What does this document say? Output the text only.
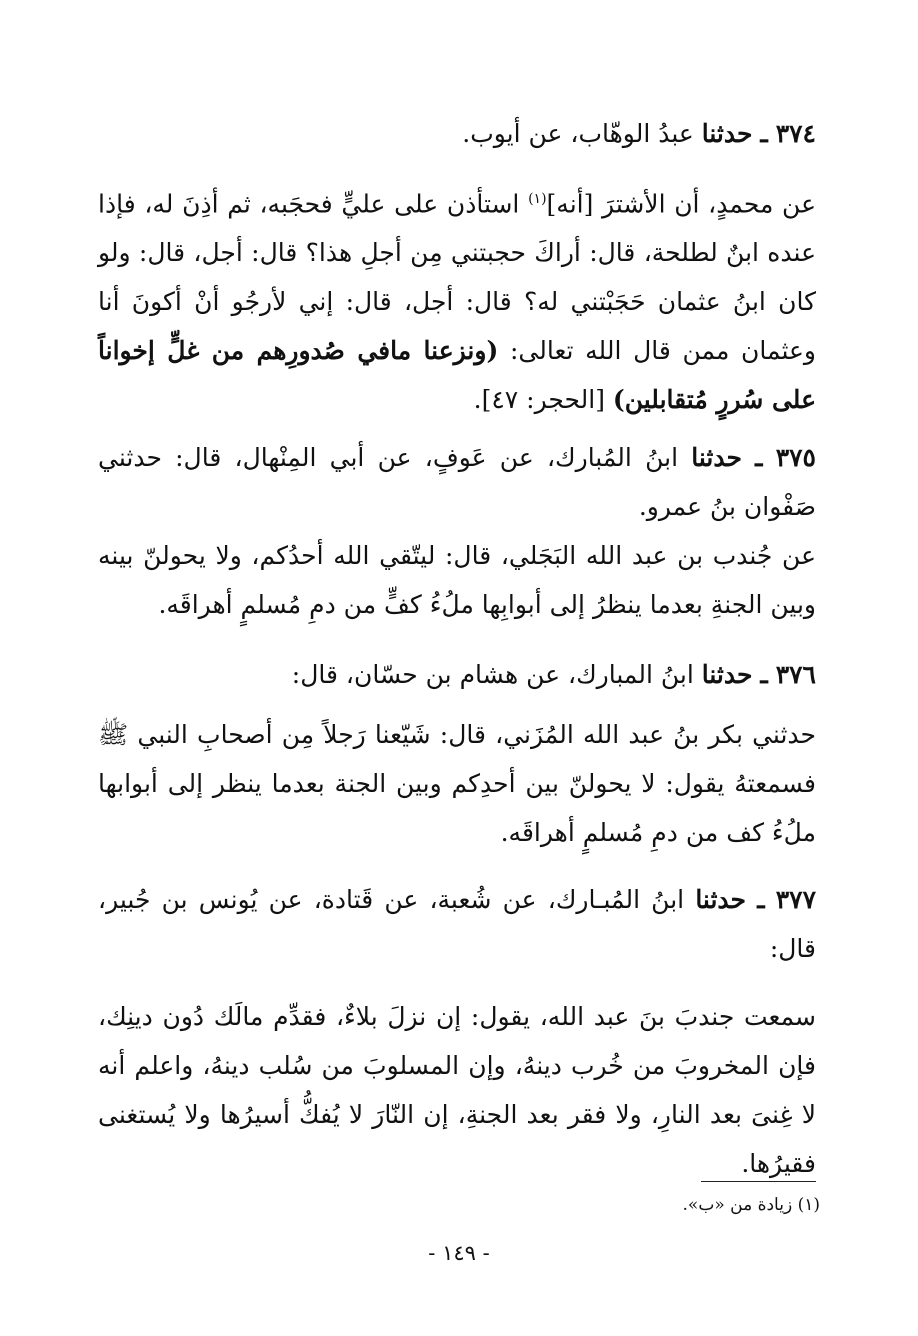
٣٧٤ ـ حدثنا عبدُ الوهّاب، عن أيوب.

عن محمدٍ، أن الأشترَ [أنه]$^{(١)}$ استأذن على عليٍّ فحجَبه، ثم أذِنَ له، فإذا عنده ابنٌ لطلحة، قال: أراكَ حجبتني مِن أجلِ هذا؟ قال: أجل، قال: ولو كان ابنُ عثمان حَجَبْتني له؟ قال: أجل، قال: إني لأرجُو أنْ أكونَ أنا وعثمان ممن قال الله تعالى: (ونزعنا مافي صُدورِهم من غلٍّ إخواناً على سُررٍ مُتقابلين) [الحجر: ٤٧].

٣٧٥ ـ حدثنا ابنُ المُبارك، عن عَوفٍ، عن أبي المِنْهال، قال: حدثني صَفْوان بنُ عمرو.

عن جُندب بن عبد الله البَجَلي، قال: ليتّقي الله أحدُكم، ولا يحولنّ بينه وبين الجنةِ بعدما ينظرُ إلى أبوابِها ملُءُ كفٍّ من دمِ مُسلمٍ أهراقَه.

٣٧٦ ـ حدثنا ابنُ المبارك، عن هشام بن حسّان، قال:

حدثني بكر بنُ عبد الله المُزَني، قال: شَيّعنا رَجلاً مِن أصحابِ النبي ﷺ فسمعتهُ يقول: لا يحولنّ بين أحدِكم وبين الجنة بعدما ينظر إلى أبوابها ملُءُ كف من دمِ مُسلمٍ أهراقَه.

٣٧٧ ـ حدثنا ابنُ المُبـارك، عن شُعبة، عن قَتادة، عن يُونس بن جُبير، قال:

سمعت جندبَ بنَ عبد الله، يقول: إن نزلَ بلاءٌ، فقدِّم مالَك دُون دينِك، فإن المخروبَ من خُرب دينهُ، وإن المسلوبَ من سُلب دينهُ، واعلم أنه لا غِنىَ بعد النارِ، ولا فقر بعد الجنةِ، إن النّارَ لا يُفكُّ أسيرُها ولا يُستغنى فقيرُها.

(١) زيادة من «ب».

- ١٤٩ -
